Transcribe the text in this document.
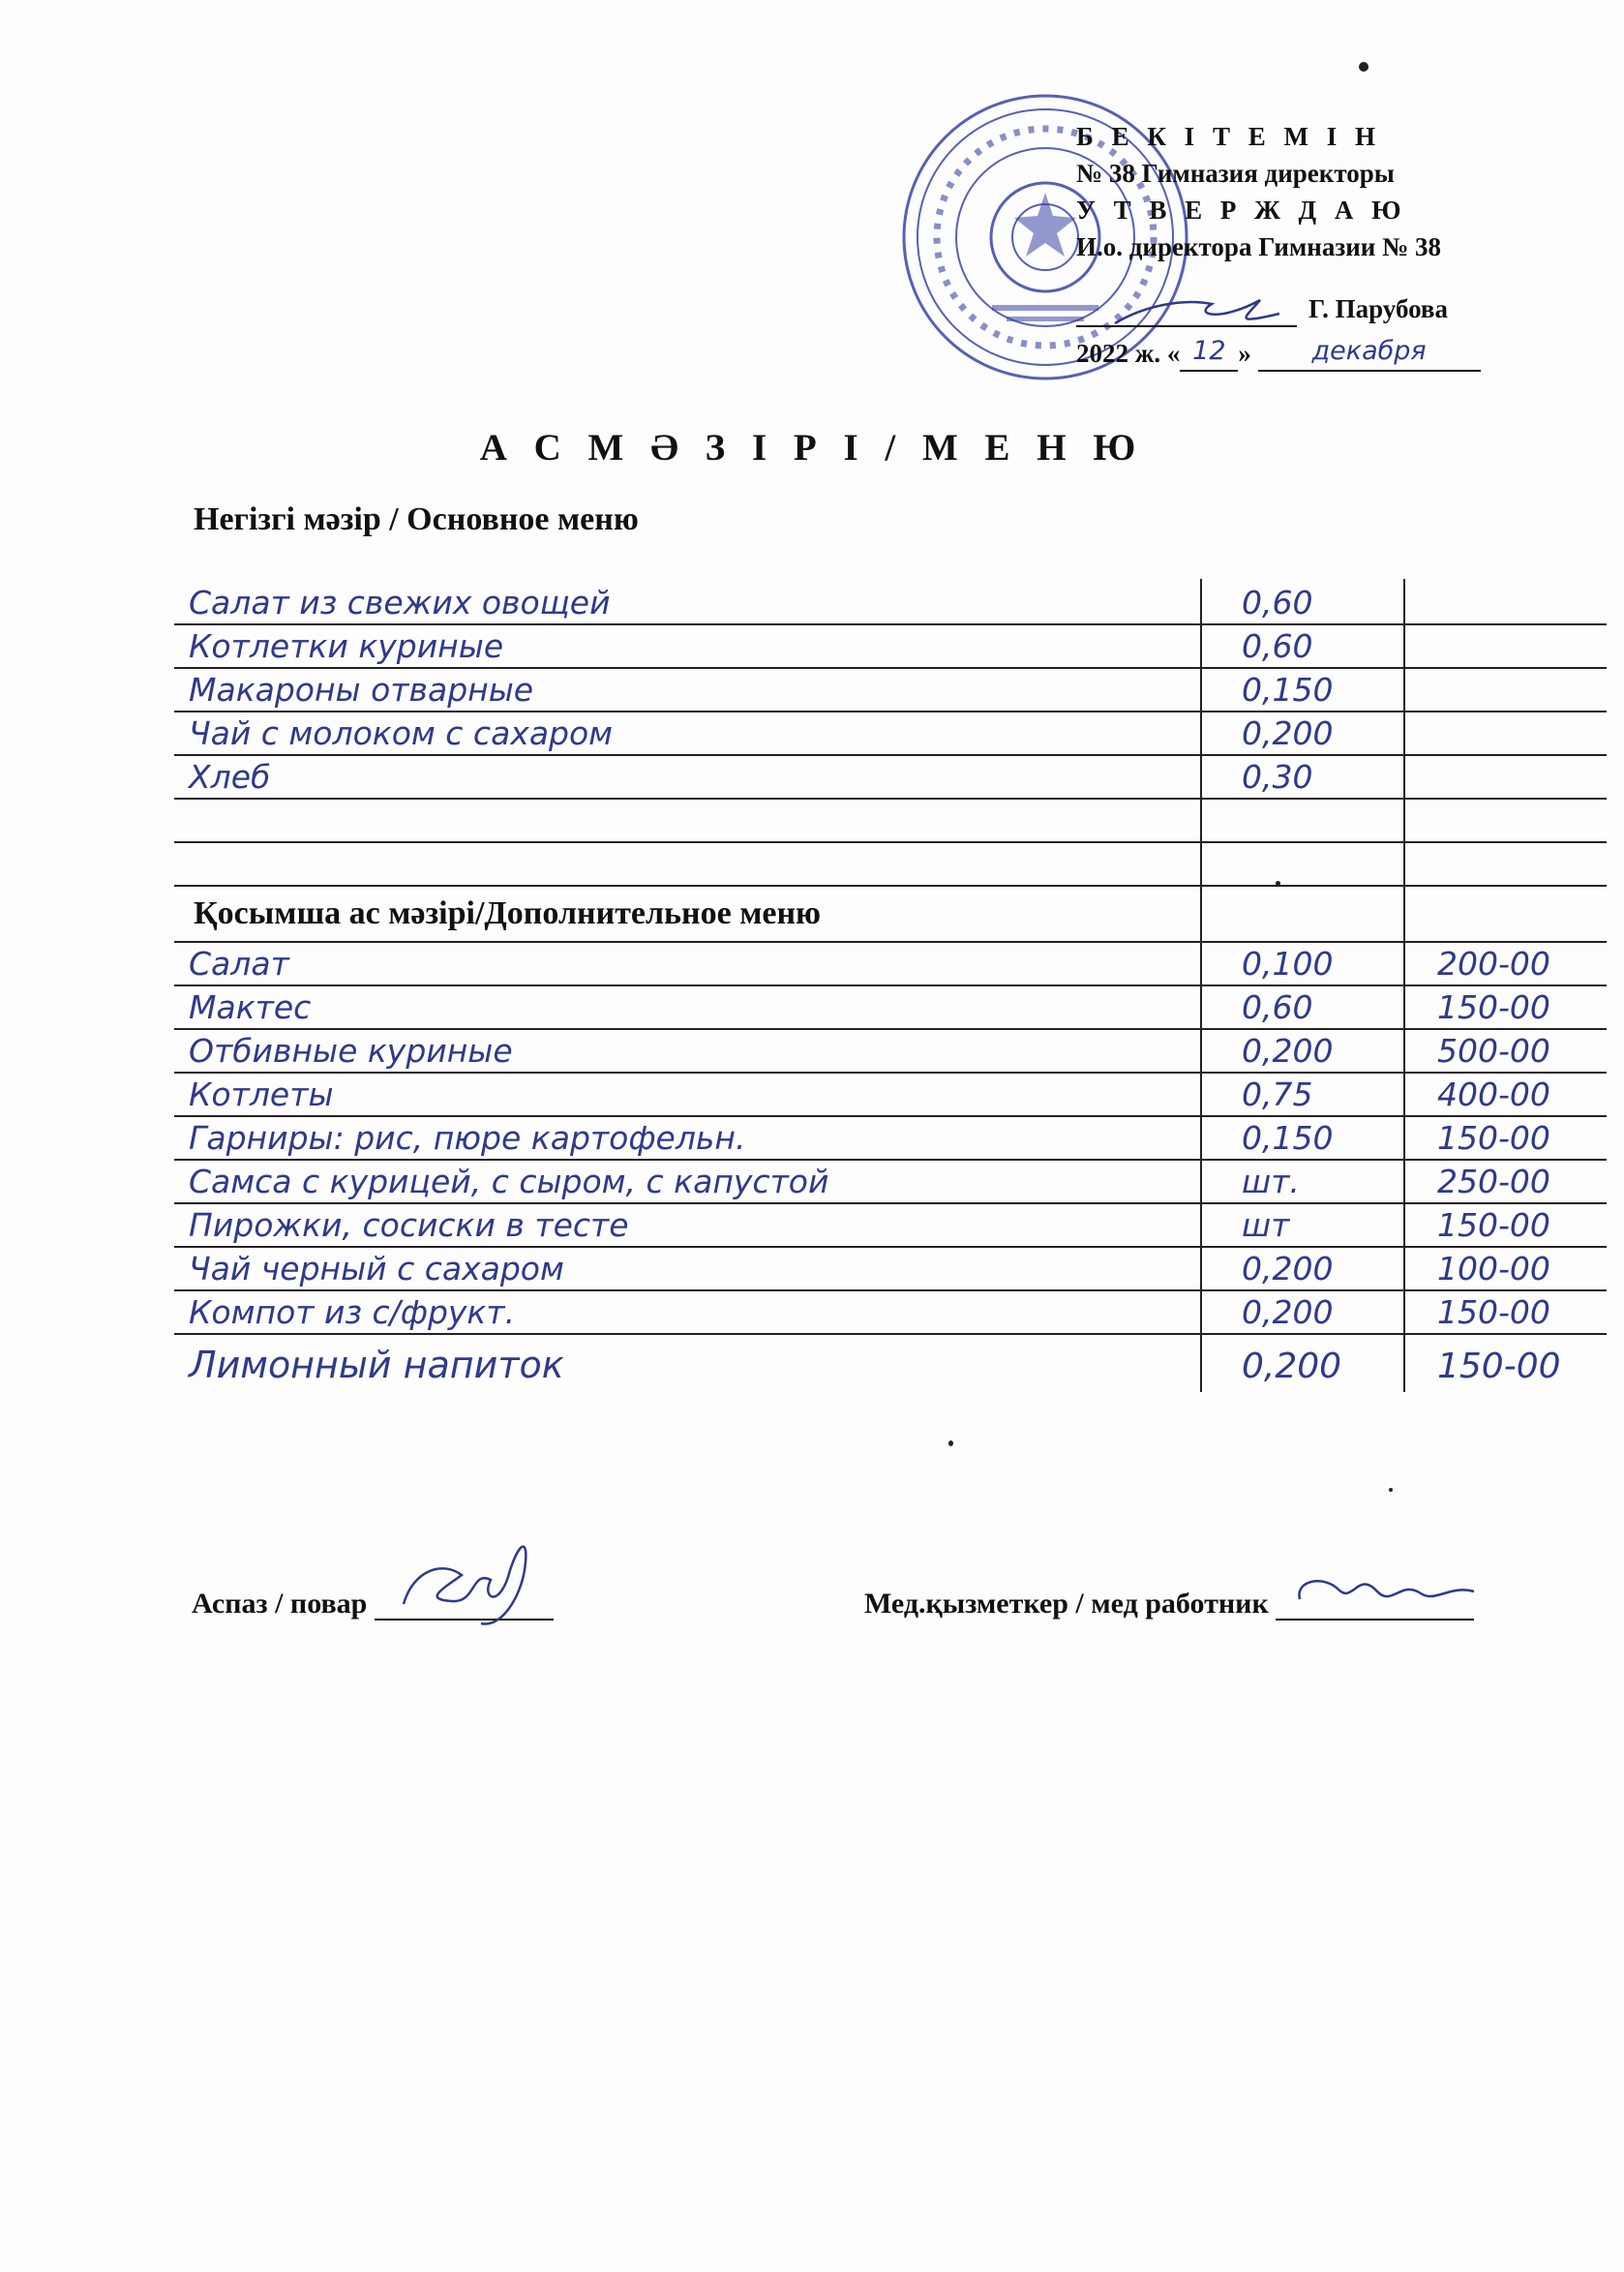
Б Е К І Т Е М І Н
№ 38 Гимназия директоры
У Т В Е Р Ж Д А Ю
И.о. директора Гимназии № 38
Г. Парубова
2022 ж. « 12 » декабря
А С М Ә З І Р І / М Е Н Ю
Негізгі мәзір / Основное меню
Салат из свежих овощей	0,60
Котлетки куриные	0,60
Макароны отварные	0,150
Чай с молоком с сахаром	0,200
Хлеб	0,30
Қосымша ас мәзірі/Дополнительное меню
Салат	0,100	200-00
Мактес	0,60	150-00
Отбивные куриные	0,200	500-00
Котлеты	0,75	400-00
Гарниры: рис, пюре картофельн.	0,150	150-00
Самса с курицей, с сыром, с капустой	шт.	250-00
Пирожки, сосиски в тесте	шт	150-00
Чай черный с сахаром	0,200	100-00
Компот из с/фрукт.	0,200	150-00
Лимонный напиток	0,200	150-00
Аспаз / повар	Мед.қызметкер / мед работник
